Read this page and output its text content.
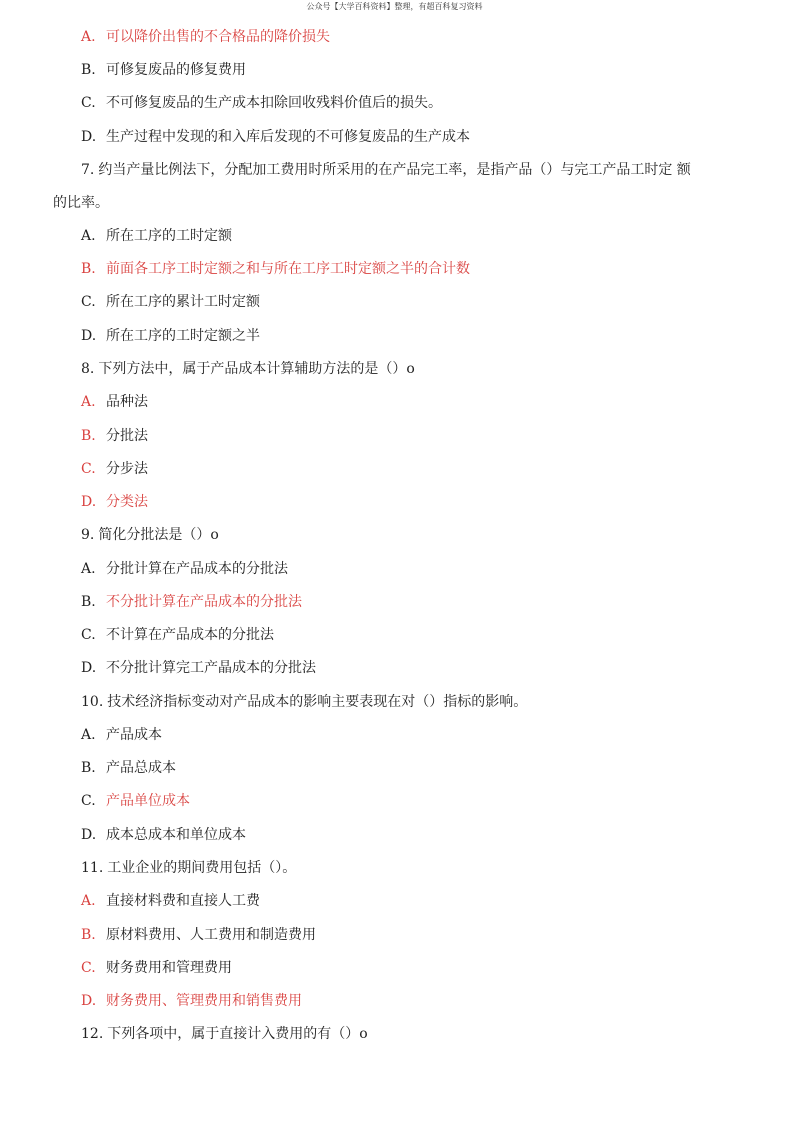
公众号【大学百科资料】整理，有超百科复习资料
A. 可以降价出售的不合格品的降价损失
B. 可修复废品的修复费用
C. 不可修复废品的生产成本扣除回收残料价值后的损失。
D. 生产过程中发现的和入库后发现的不可修复废品的生产成本
7. 约当产量比例法下，分配加工费用时所采用的在产品完工率，是指产品（）与完工产品工时定 额
的比率。
A. 所在工序的工时定额
B. 前面各工序工时定额之和与所在工序工时定额之半的合计数
C. 所在工序的累计工时定额
D. 所在工序的工时定额之半
8. 下列方法中，属于产品成本计算辅助方法的是（）o
A. 品种法
B. 分批法
C. 分步法
D. 分类法
9. 简化分批法是（）o
A. 分批计算在产品成本的分批法
B. 不分批计算在产品成本的分批法
C. 不计算在产品成本的分批法
D. 不分批计算完工产晶成本的分批法
10. 技术经济指标变动对产品成本的影响主要表现在对（）指标的影响。
A. 产品成本
B. 产品总成本
C. 产品单位成本
D. 成本总成本和单位成本
11. 工业企业的期间费用包括（）。
A. 直接材料费和直接人工费
B. 原材料费用、人工费用和制造费用
C. 财务费用和管理费用
D. 财务费用、管理费用和销售费用
12. 下列各项中，属于直接计入费用的有（）o
